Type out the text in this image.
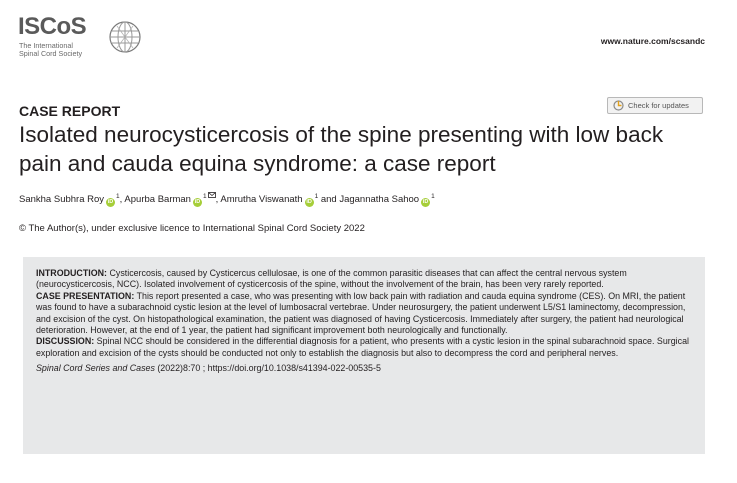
ISCoS
The International
Spinal Cord Society
www.nature.com/scsandc
CASE REPORT	Check for updates
Isolated neurocysticercosis of the spine presenting with low back pain and cauda equina syndrome: a case report
Sankha Subhra Roy iD$^1$, Apurba Barman iD$^1$ , Amrutha Viswanath iD$^1$ and Jagannatha Sahoo iD$^1$
© The Author(s), under exclusive licence to International Spinal Cord Society 2022

INTRODUCTION: Cysticercosis, caused by Cysticercus cellulosae, is one of the common parasitic diseases that can affect the central nervous system (neurocysticercosis, NCC). Isolated involvement of cysticercosis of the spine, without the involvement of the brain, has been very rarely reported.

CASE PRESENTATION: This report presented a case, who was presenting with low back pain with radiation and cauda equina syndrome (CES). On MRI, the patient was found to have a subarachnoid cystic lesion at the level of lumbosacral vertebrae. Under neurosurgery, the patient underwent L5/S1 laminectomy, decompression, and excision of the cyst. On histopathological examination, the patient was diagnosed of having Cysticercosis. Immediately after surgery, the patient had neurological deterioration. However, at the end of 1 year, the patient had significant improvement both neurologically and functionally.

DISCUSSION: Spinal NCC should be considered in the differential diagnosis for a patient, who presents with a cystic lesion in the spinal subarachnoid space. Surgical exploration and excision of the cysts should be conducted not only to establish the diagnosis but also to decompress the cord and peripheral nerves.

Spinal Cord Series and Cases (2022)8:70 ; https://doi.org/10.1038/s41394-022-00535-5
